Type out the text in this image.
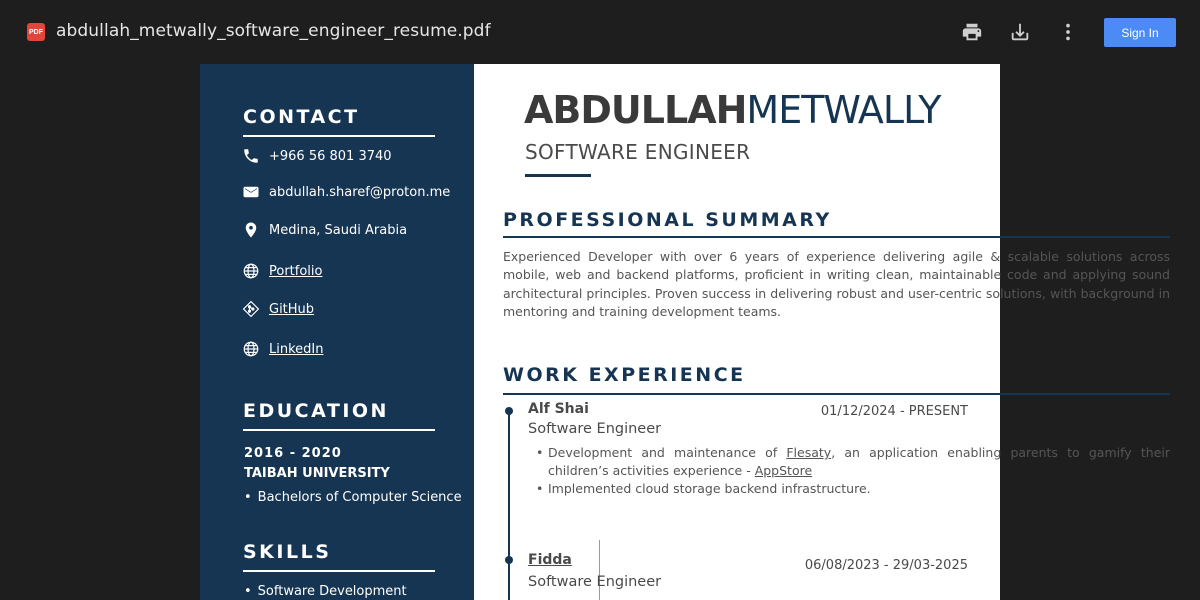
PDF abdullah_metwally_software_engineer_resume.pdf	Sign In
CONTACT
+966 56 801 3740
abdullah.sharef@proton.me
Medina, Saudi Arabia
Portfolio
GitHub
LinkedIn
EDUCATION
2016 - 2020
TAIBAH UNIVERSITY
• Bachelors of Computer Science
SKILLS
• Software Development
ABDULLAHMETWALLY
SOFTWARE ENGINEER
PROFESSIONAL SUMMARY
Experienced Developer with over 6 years of experience delivering agile & scalable solutions across mobile, web and backend platforms, proficient in writing clean, maintainable code and applying sound architectural principles. Proven success in delivering robust and user-centric solutions, with background in mentoring and training development teams.
WORK EXPERIENCE
Alf Shai	01/12/2024 - PRESENT
Software Engineer
• Development and maintenance of Flesaty, an application enabling parents to gamify their children’s activities experience - AppStore
• Implemented cloud storage backend infrastructure.
Fidda	06/08/2023 - 29/03-2025
Software Engineer
